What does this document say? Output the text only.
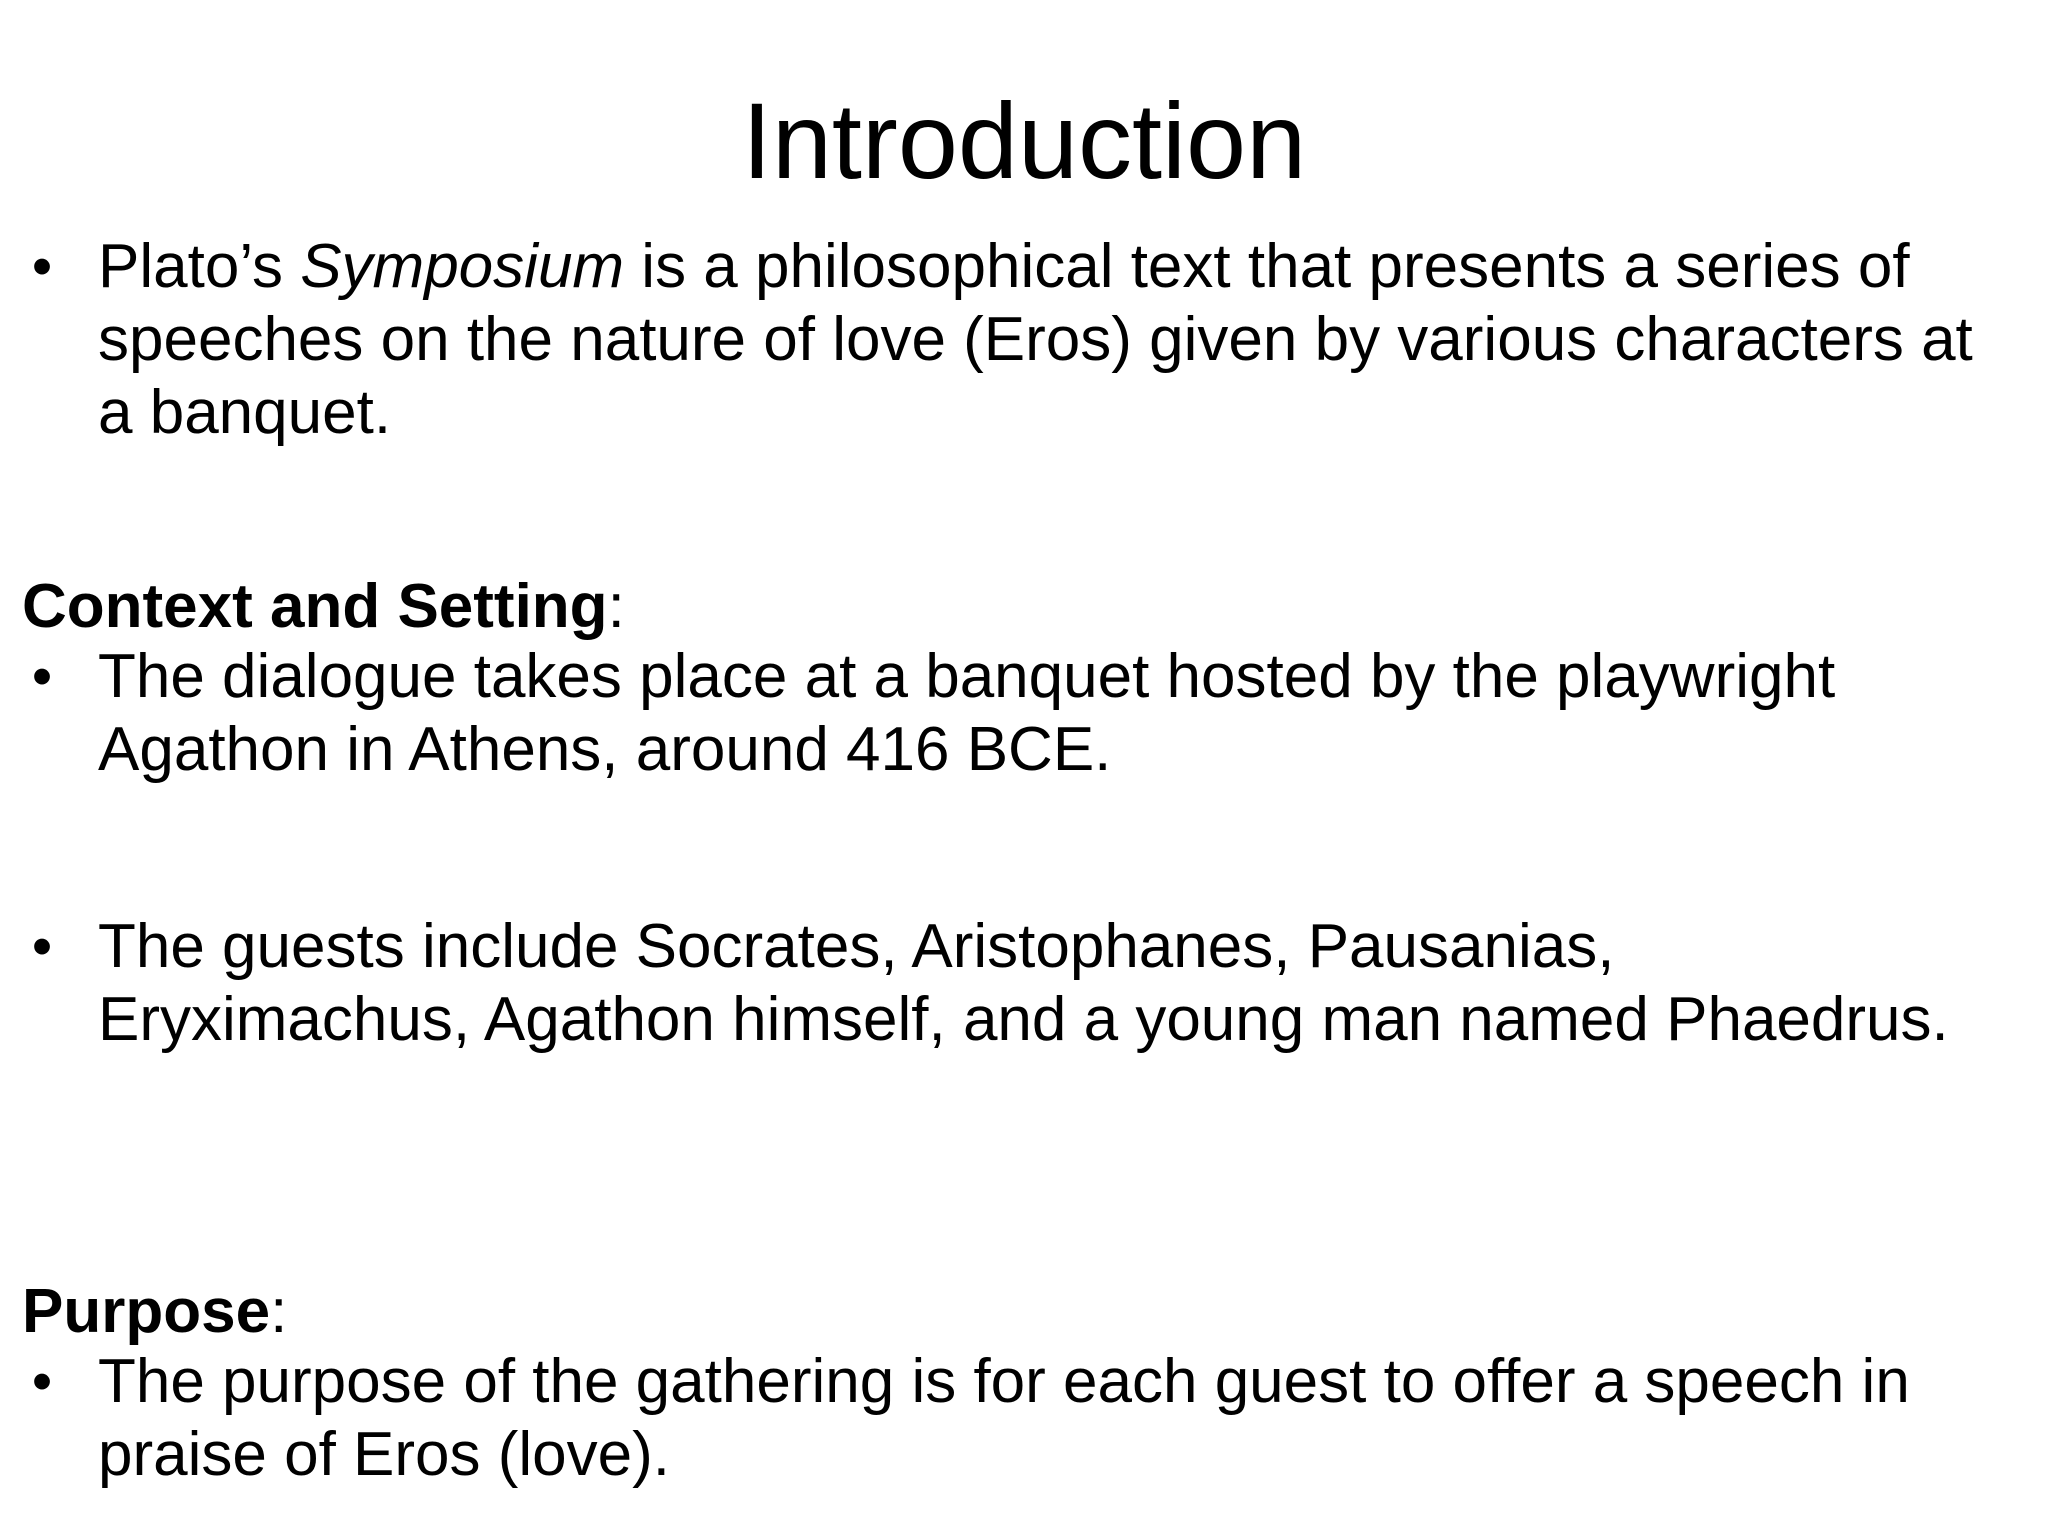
Introduction
• Plato’s Symposium is a philosophical text that presents a series of speeches on the nature of love (Eros) given by various characters at a banquet.
Context and Setting:
• The dialogue takes place at a banquet hosted by the playwright Agathon in Athens, around 416 BCE.
• The guests include Socrates, Aristophanes, Pausanias, Eryximachus, Agathon himself, and a young man named Phaedrus.
Purpose:
• The purpose of the gathering is for each guest to offer a speech in praise of Eros (love).
